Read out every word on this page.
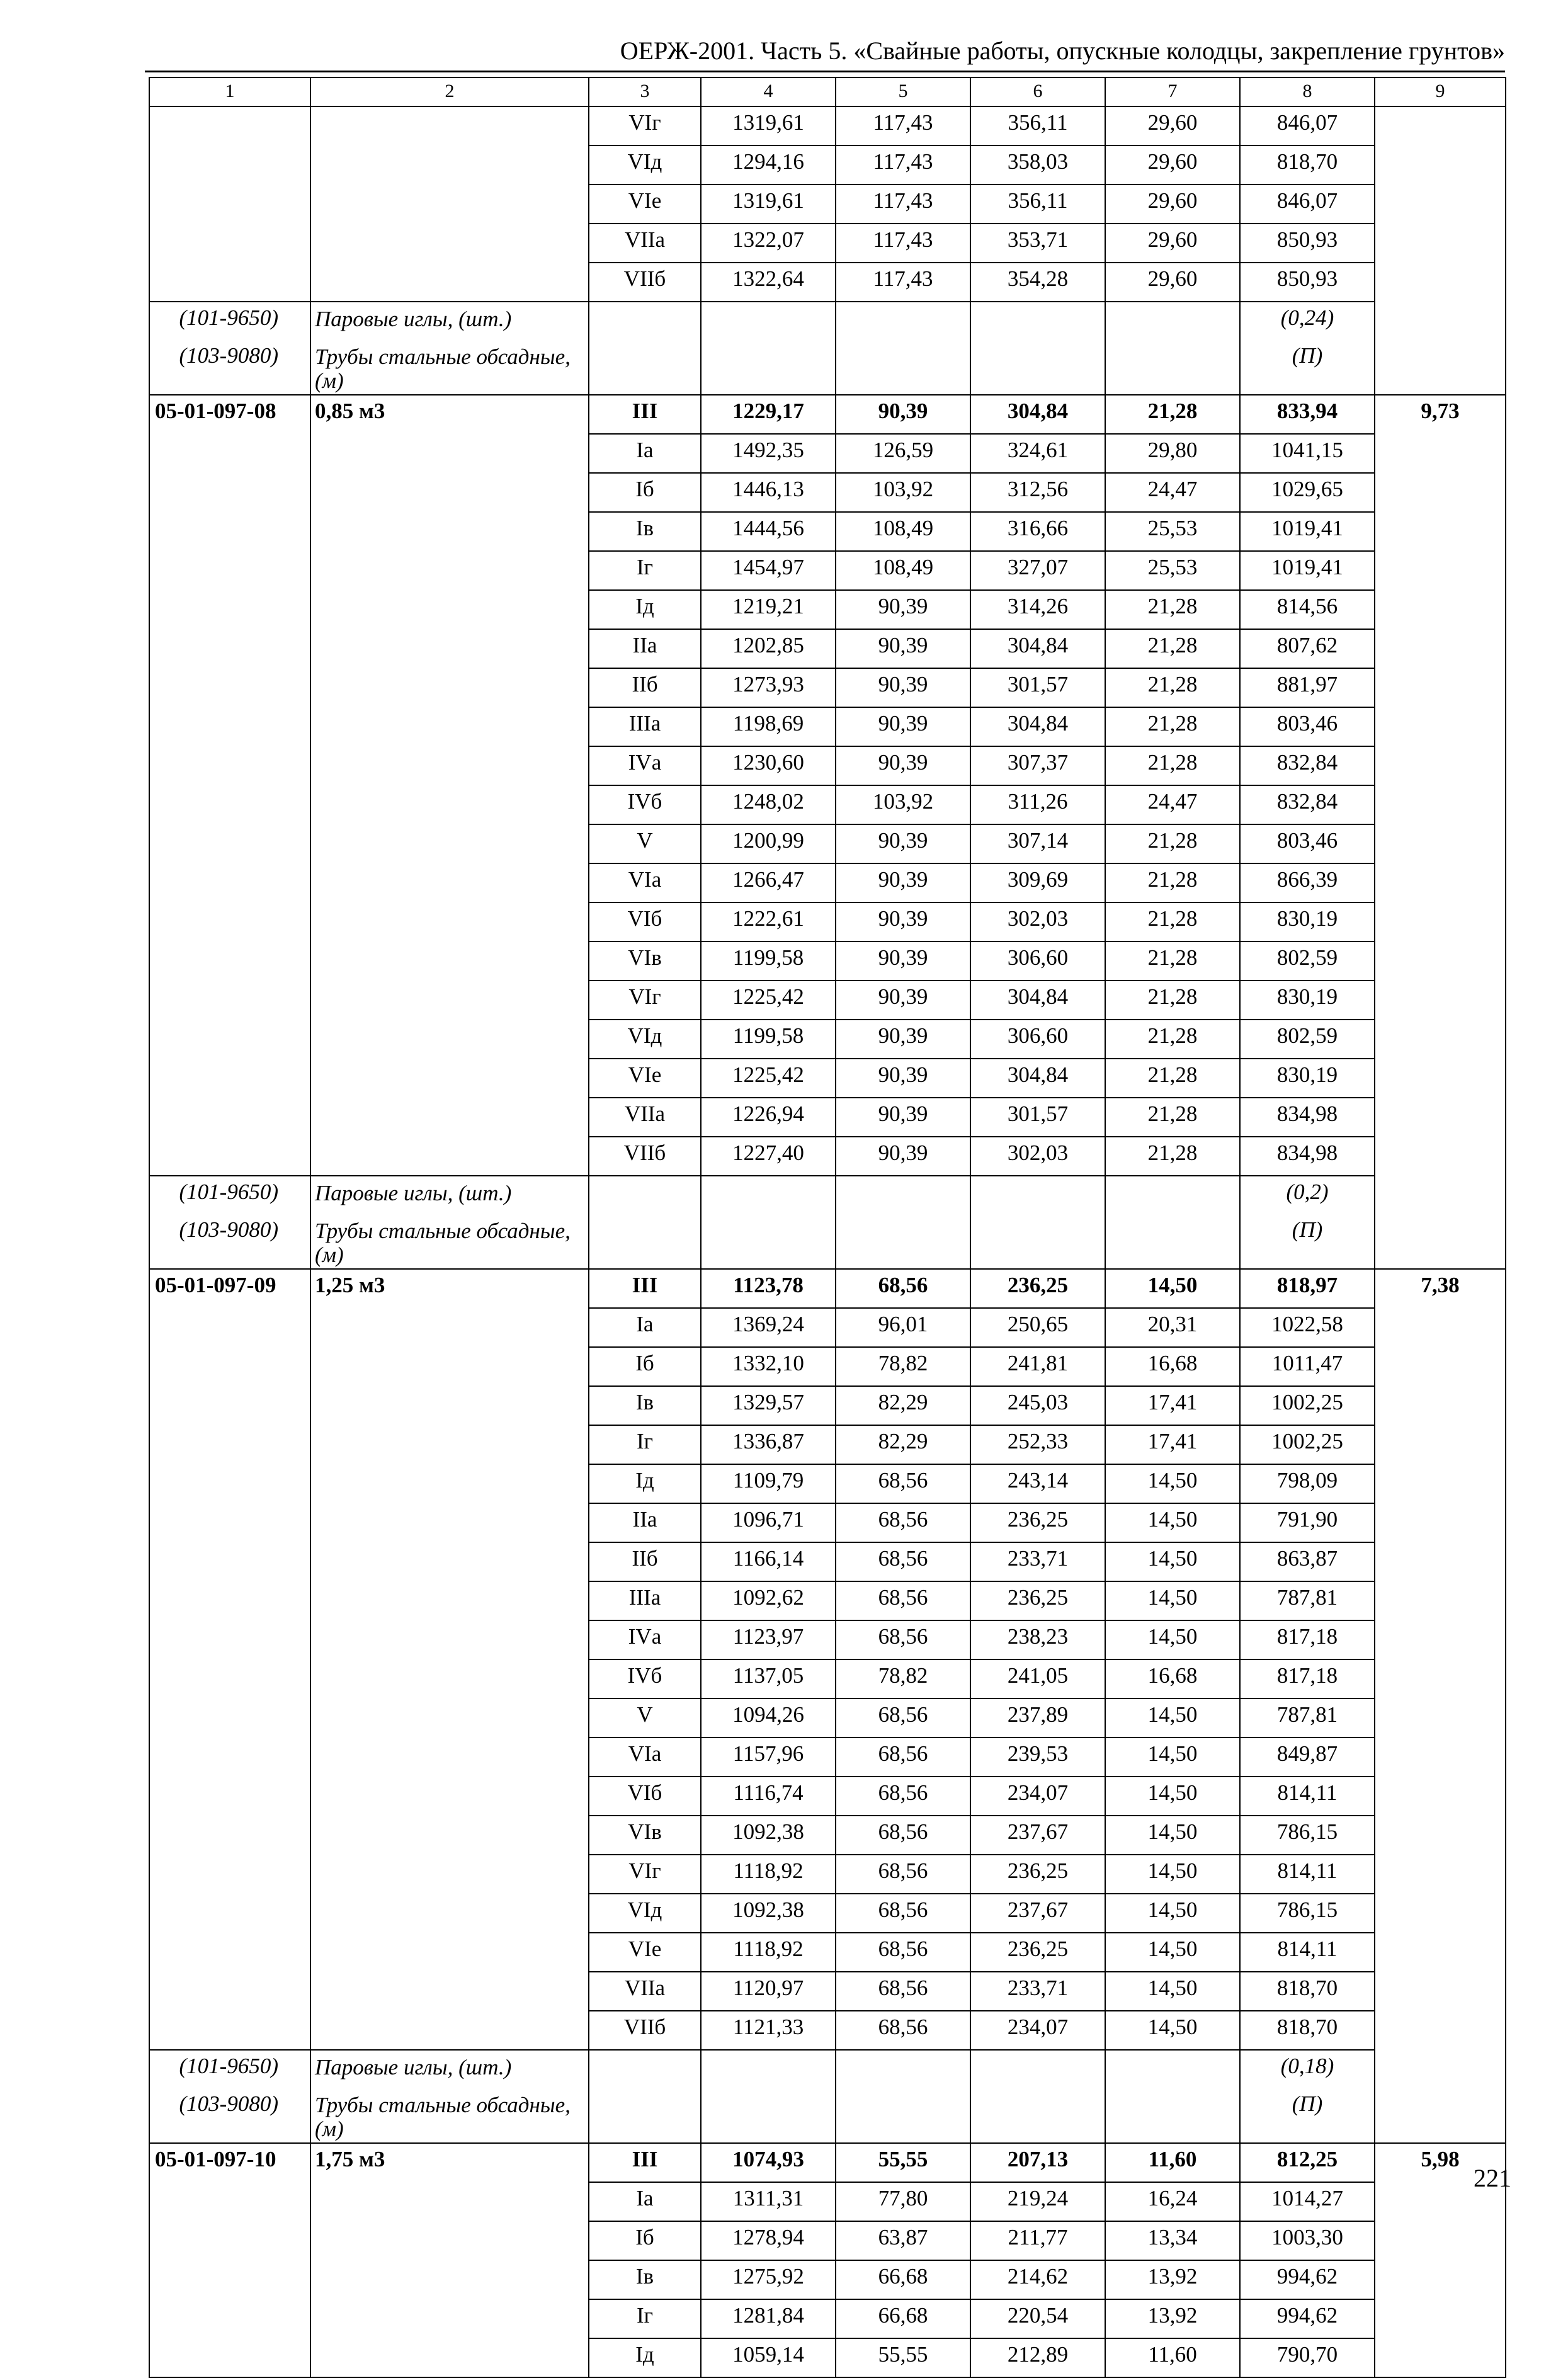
ОЕРЖ-2001. Часть 5. «Свайные работы, опускные колодцы, закрепление грунтов»
1	2	3	4	5	6	7	8	9
		VIг	1319,61	117,43	356,11	29,60	846,07	
		VIд	1294,16	117,43	358,03	29,60	818,70	
		VIе	1319,61	117,43	356,11	29,60	846,07	
		VIIа	1322,07	117,43	353,71	29,60	850,93	
		VIIб	1322,64	117,43	354,28	29,60	850,93	

(101-9650)	Паровые иглы, (шт.)						(0,24)	

(103-9080)	Трубы стальные обсадные, (м)						(П)	
05-01-097-08	0,85 м3	III	1229,17	90,39	304,84	21,28	833,94	9,73
		Iа	1492,35	126,59	324,61	29,80	1041,15	
		Iб	1446,13	103,92	312,56	24,47	1029,65	
		Iв	1444,56	108,49	316,66	25,53	1019,41	
		Iг	1454,97	108,49	327,07	25,53	1019,41	
		Iд	1219,21	90,39	314,26	21,28	814,56	
		IIа	1202,85	90,39	304,84	21,28	807,62	
		IIб	1273,93	90,39	301,57	21,28	881,97	
		IIIа	1198,69	90,39	304,84	21,28	803,46	
		IVа	1230,60	90,39	307,37	21,28	832,84	
		IVб	1248,02	103,92	311,26	24,47	832,84	
		V	1200,99	90,39	307,14	21,28	803,46	
		VIа	1266,47	90,39	309,69	21,28	866,39	
		VIб	1222,61	90,39	302,03	21,28	830,19	
		VIв	1199,58	90,39	306,60	21,28	802,59	
		VIг	1225,42	90,39	304,84	21,28	830,19	
		VIд	1199,58	90,39	306,60	21,28	802,59	
		VIе	1225,42	90,39	304,84	21,28	830,19	
		VIIа	1226,94	90,39	301,57	21,28	834,98	
		VIIб	1227,40	90,39	302,03	21,28	834,98	

(101-9650)	Паровые иглы, (шт.)						(0,2)	

(103-9080)	Трубы стальные обсадные, (м)						(П)	
05-01-097-09	1,25 м3	III	1123,78	68,56	236,25	14,50	818,97	7,38
		Iа	1369,24	96,01	250,65	20,31	1022,58	
		Iб	1332,10	78,82	241,81	16,68	1011,47	
		Iв	1329,57	82,29	245,03	17,41	1002,25	
		Iг	1336,87	82,29	252,33	17,41	1002,25	
		Iд	1109,79	68,56	243,14	14,50	798,09	
		IIа	1096,71	68,56	236,25	14,50	791,90	
		IIб	1166,14	68,56	233,71	14,50	863,87	
		IIIа	1092,62	68,56	236,25	14,50	787,81	
		IVа	1123,97	68,56	238,23	14,50	817,18	
		IVб	1137,05	78,82	241,05	16,68	817,18	
		V	1094,26	68,56	237,89	14,50	787,81	
		VIа	1157,96	68,56	239,53	14,50	849,87	
		VIб	1116,74	68,56	234,07	14,50	814,11	
		VIв	1092,38	68,56	237,67	14,50	786,15	
		VIг	1118,92	68,56	236,25	14,50	814,11	
		VIд	1092,38	68,56	237,67	14,50	786,15	
		VIе	1118,92	68,56	236,25	14,50	814,11	
		VIIа	1120,97	68,56	233,71	14,50	818,70	
		VIIб	1121,33	68,56	234,07	14,50	818,70	

(101-9650)	Паровые иглы, (шт.)						(0,18)	

(103-9080)	Трубы стальные обсадные, (м)						(П)	
05-01-097-10	1,75 м3	III	1074,93	55,55	207,13	11,60	812,25	5,98
		Iа	1311,31	77,80	219,24	16,24	1014,27	
		Iб	1278,94	63,87	211,77	13,34	1003,30	
		Iв	1275,92	66,68	214,62	13,92	994,62	
		Iг	1281,84	66,68	220,54	13,92	994,62	
		Iд	1059,14	55,55	212,89	11,60	790,70	
221
